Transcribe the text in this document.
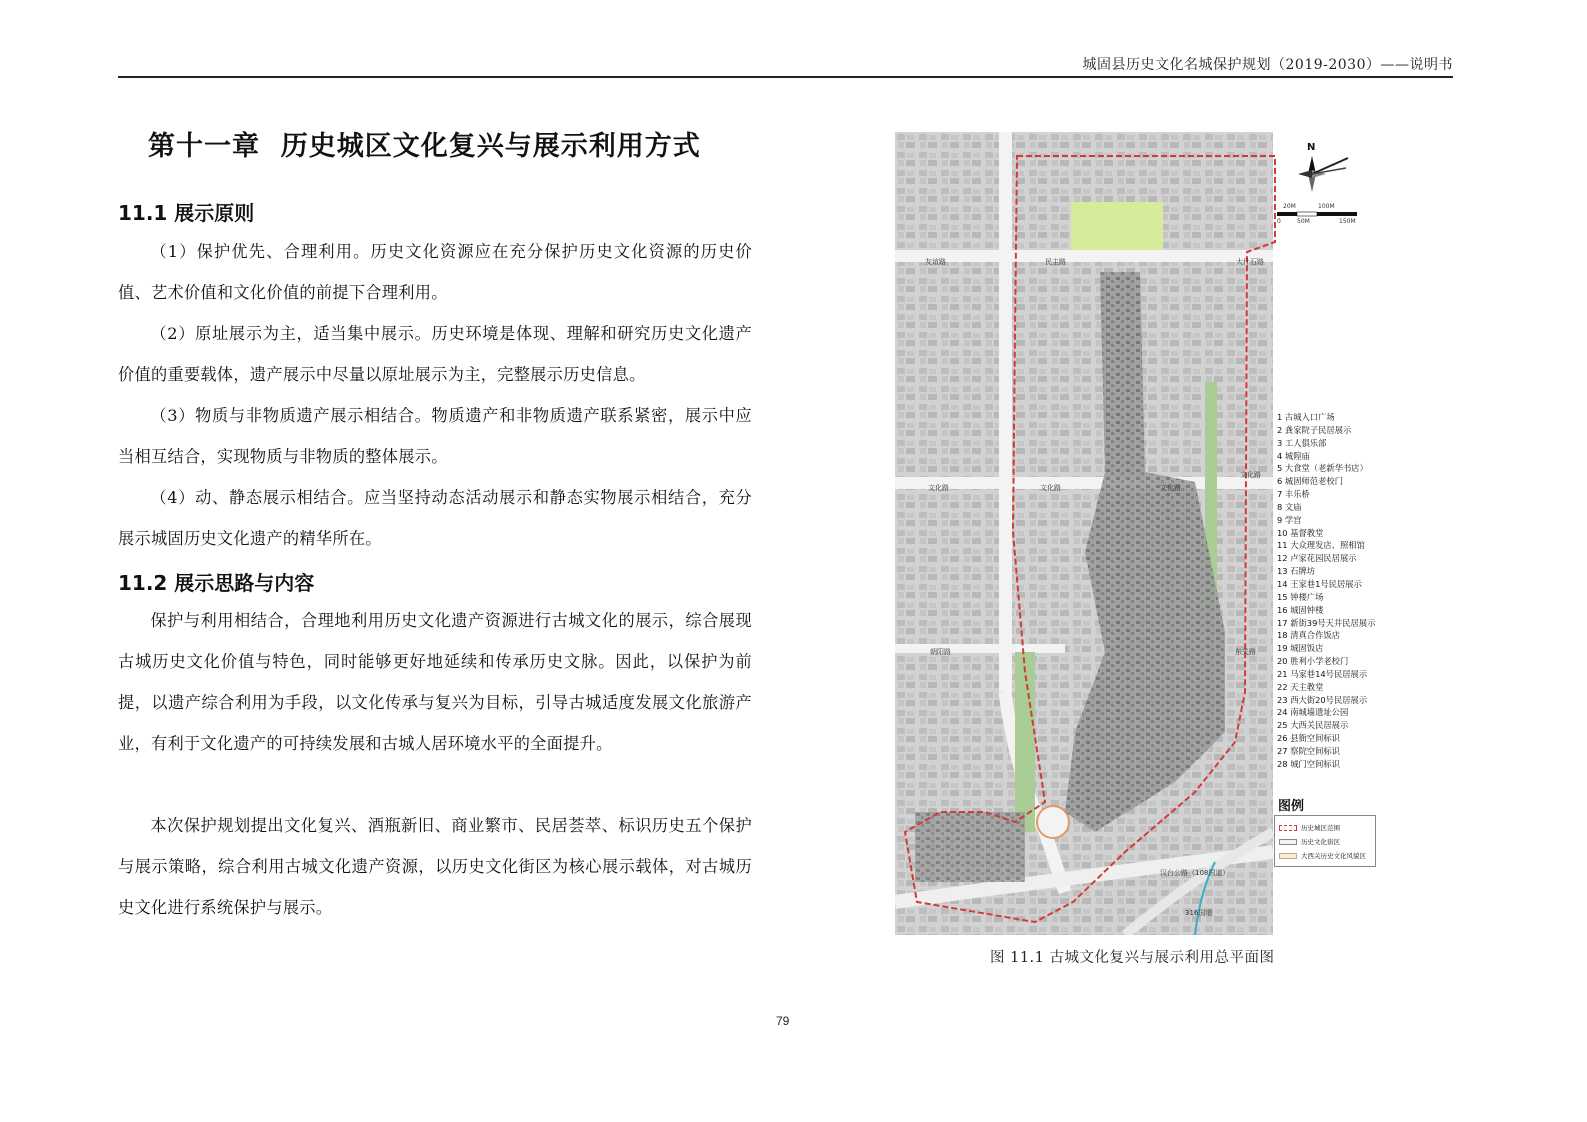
城固县历史文化名城保护规划（2019-2030）——说明书
第十一章  历史城区文化复兴与展示利用方式
11.1 展示原则

（1）保护优先、合理利用。历史文化资源应在充分保护历史文化资源的历史价值、艺术价值和文化价值的前提下合理利用。

（2）原址展示为主，适当集中展示。历史环境是体现、理解和研究历史文化遗产价值的重要载体，遗产展示中尽量以原址展示为主，完整展示历史信息。

（3）物质与非物质遗产展示相结合。物质遗产和非物质遗产联系紧密，展示中应当相互结合，实现物质与非物质的整体展示。

（4）动、静态展示相结合。应当坚持动态活动展示和静态实物展示相结合，充分展示城固历史文化遗产的精华所在。

11.2 展示思路与内容

保护与利用相结合，合理地利用历史文化遗产资源进行古城文化的展示，综合展现古城历史文化价值与特色，同时能够更好地延续和传承历史文脉。因此，以保护为前提，以遗产综合利用为手段，以文化传承与复兴为目标，引导古城适度发展文化旅游产业，有利于文化遗产的可持续发展和古城人居环境水平的全面提升。

本次保护规划提出文化复兴、酒瓶新旧、商业繁市、民居荟萃、标识历史五个保护与展示策略，综合利用古城文化遗产资源，以历史文化街区为核心展示载体，对古城历史文化进行系统保护与展示。

N
20M	100M
0	50M	150M
友谊路	民主路	大什石路
文化路	文化路	文化路
文化路
朝阳路	东关路
汉台公路（108国道）
316国道
1 古城入口广场
2 龚家院子民居展示
3 工人俱乐部
4 城隍庙
5 大食堂（老新华书店）
6 城固师范老校门
7 丰乐桥
8 文庙
9 学宫
10 基督教堂
11 大众理发店、照相馆
12 卢家花园民居展示
13 石牌坊
14 王家巷1号民居展示
15 钟楼广场
16 城固钟楼
17 新街39号天井民居展示
18 清真合作饭店
19 城固饭店
20 胜利小学老校门
21 马家巷14号民居展示
22 天主教堂
23 西大街20号民居展示
24 南城墙遗址公园
25 大西关民居展示
26 县衙空间标识
27 察院空间标识
28 城门空间标识
图例
历史城区范围
历史文化街区
大西关历史文化风貌区
图 11.1 古城文化复兴与展示利用总平面图
79
